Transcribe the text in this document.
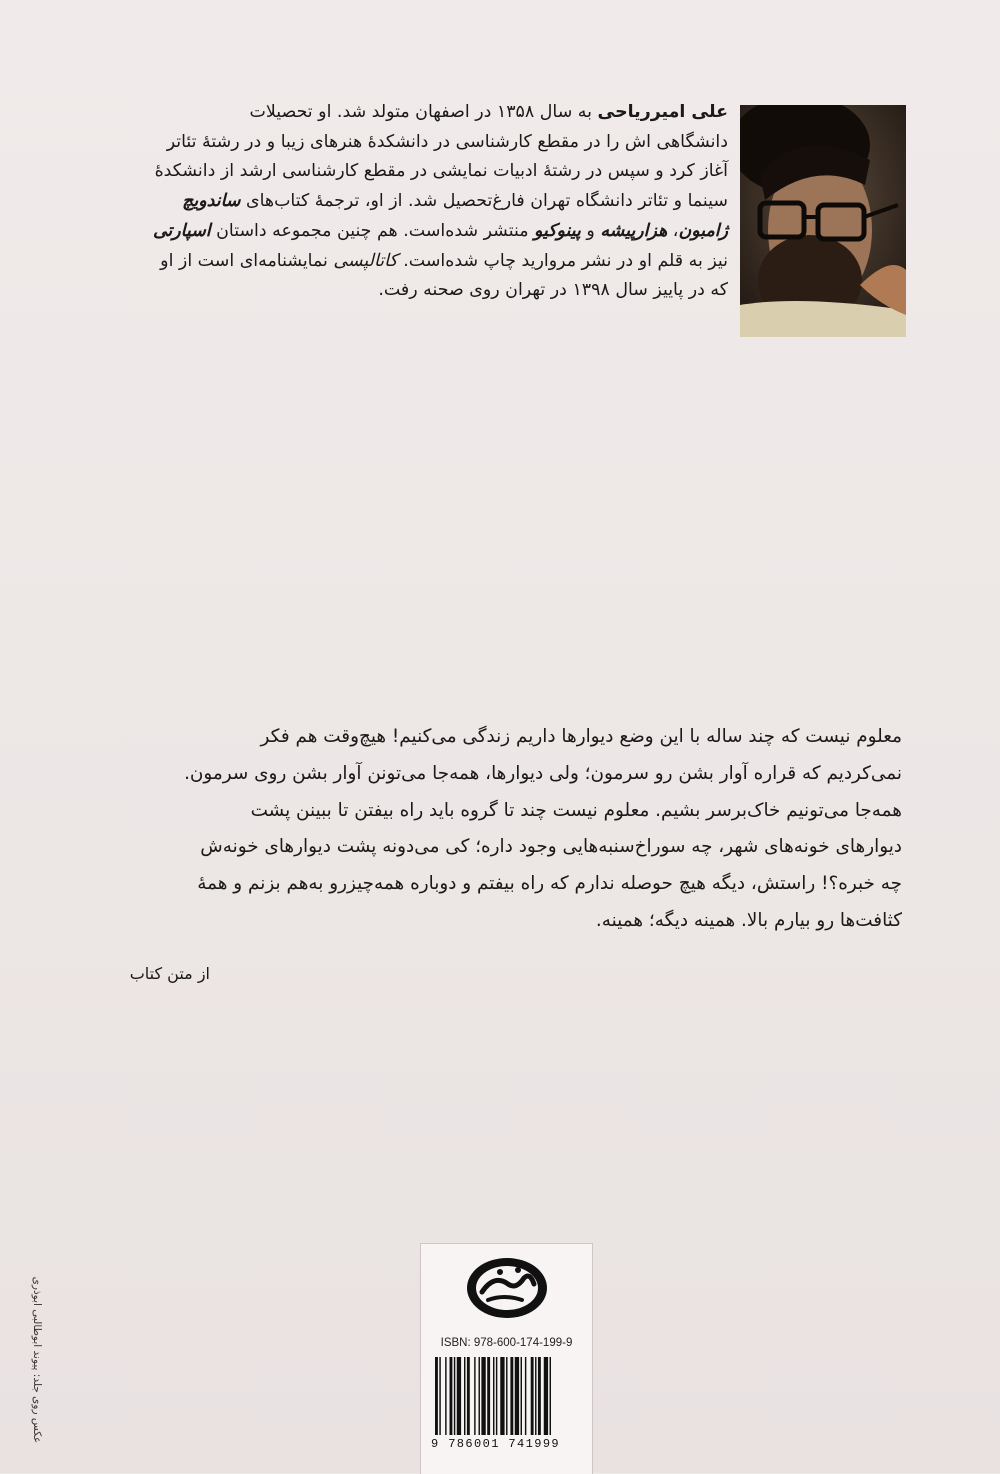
علی امیرریاحی به سال ۱۳۵۸ در اصفهان متولد شد. او تحصیلات

دانشگاهی اش را در مقطع کارشناسی در دانشکدهٔ هنرهای زیبا و در رشتهٔ تئاتر

آغاز کرد و سپس در رشتهٔ ادبیات نمایشی در مقطع کارشناسی ارشد از دانشکدهٔ

سینما و تئاتر دانشگاه تهران فارغ‌تحصیل شد. از او، ترجمهٔ کتاب‌های ساندویچ

ژامبون، هزارپیشه و پینوکیو منتشر شده‌است. هم چنین مجموعه داستان اسپارتی

نیز به قلم او در نشر مروارید چاپ شده‌است. کاتالپسی نمایشنامه‌ای است از او

که در پاییز سال ۱۳۹۸ در تهران روی صحنه رفت.

معلوم نیست که چند ساله با این وضع دیوارها داریم زندگی می‌کنیم! هیچ‌وقت هم فکر

نمی‌کردیم که قراره آوار بشن رو سرمون؛ ولی دیوارها، همه‌جا می‌تونن آوار بشن روی سرمون.

همه‌جا می‌تونیم خاک‌برسر بشیم. معلوم نیست چند تا گروه باید راه بیفتن تا ببینن پشت

دیوارهای خونه‌های شهر، چه سوراخ‌سنبه‌هایی وجود داره؛ کی می‌دونه پشت دیوارهای خونه‌ش

چه خبره؟! راستش، دیگه هیچ حوصله ندارم که راه بیفتم و دوباره همه‌چیزرو به‌هم بزنم و همهٔ

کثافت‌ها رو بیارم بالا. همینه دیگه؛ همینه.

از متن کتاب
عکس روی جلد: پیوند ابوطالبی ابوذری	ISBN: 978-600-174-199-9
9 786001 741999
